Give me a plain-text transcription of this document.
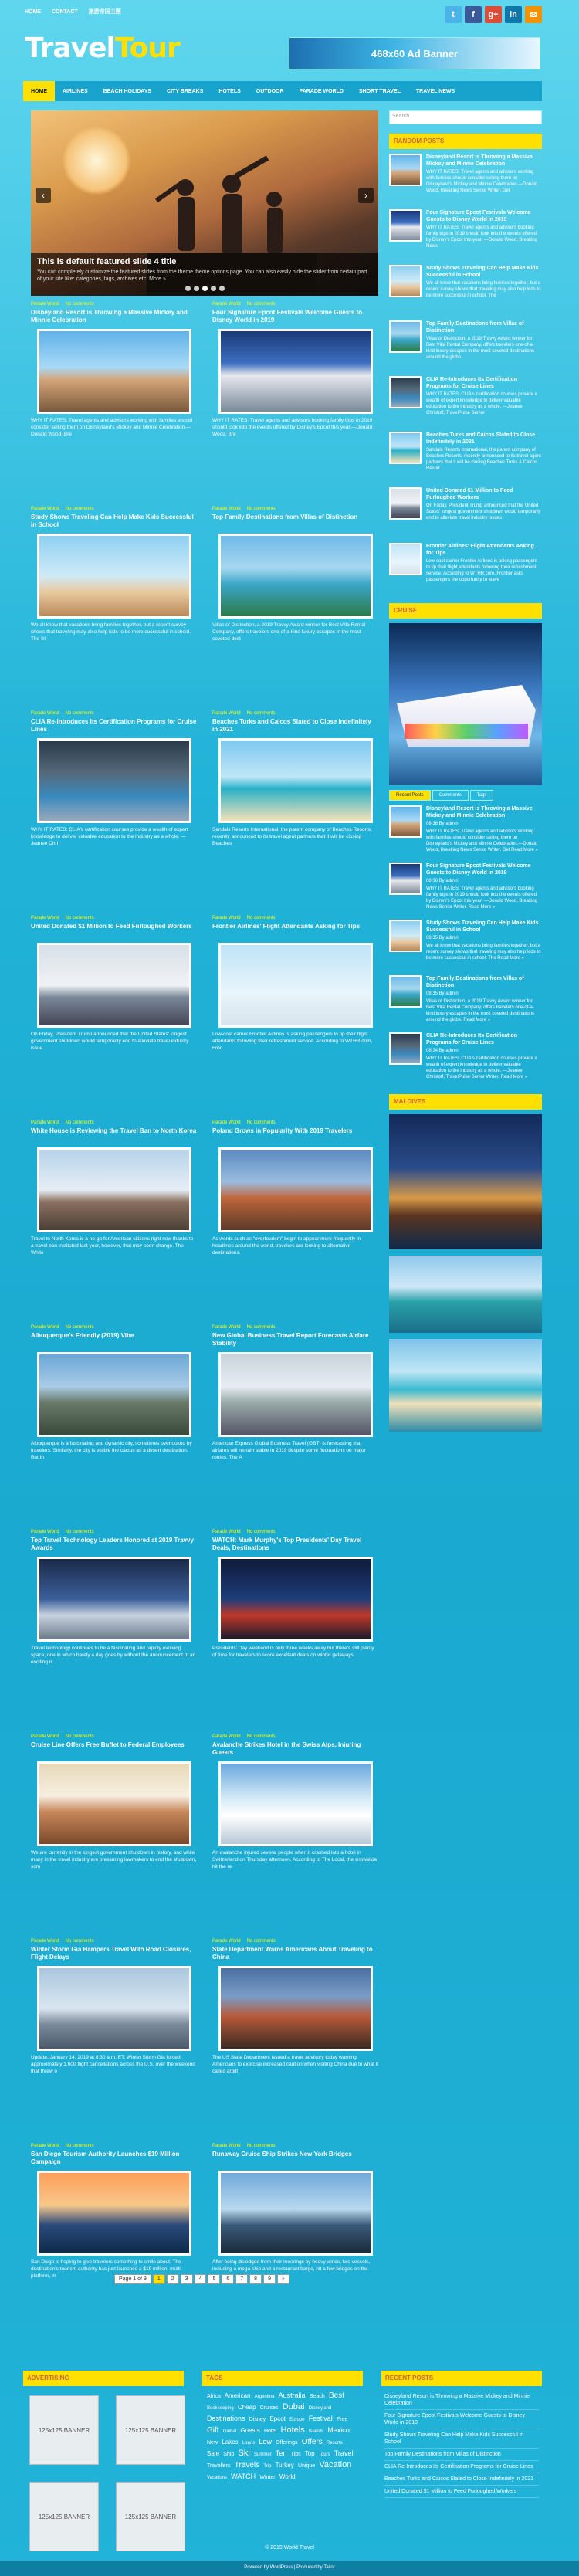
HOME CONTACT 旅游帝国主题	t	f	g+	in	✉
TravelTour	468x60 Ad Banner
HOME	AIRLINES	BEACH HOLIDAYS	CITY BREAKS	HOTELS	OUTDOOR	PARADE WORLD	SHORT TRAVEL	TRAVEL NEWS
‹	›
This is default featured slide 4 title

You can completely customize the featured slides from the theme theme options page. You can also easily hide the slider from certain part of your site like: categories, tags, archives etc. More »

Parade World No comments
Disneyland Resort is Throwing a Massive Mickey and Minnie Celebration

WHY IT RATES: Travel agents and advisors working with families should consider selling them on Disneyland's Mickey and Minnie Celebration.—Donald Wood, Bre

Parade World No comments
Four Signature Epcot Festivals Welcome Guests to Disney World in 2019

WHY IT RATES: Travel agents and advisors booking family trips in 2019 should look into the events offered by Disney's Epcot this year.—Donald Wood, Bre

Parade World No comments
Study Shows Traveling Can Help Make Kids Successful in School

We all know that vacations bring families together, but a recent survey shows that traveling may also help kids to be more successful in school. The St

Parade World No comments
Top Family Destinations from Villas of Distinction

Villas of Distinction, a 2019 Travvy Award winner for Best Villa Rental Company, offers travelers one-of-a-kind luxury escapes in the most coveted dest

Parade World No comments
CLIA Re-Introduces Its Certification Programs for Cruise Lines

WHY IT RATES: CLIA's certification courses provide a wealth of expert knowledge to deliver valuable education to the industry as a whole. —Jeanee Chri

Parade World No comments
Beaches Turks and Caicos Slated to Close Indefinitely in 2021

Sandals Resorts International, the parent company of Beaches Resorts, recently announced to its travel agent partners that it will be closing Beaches

Parade World No comments
United Donated $1 Million to Feed Furloughed Workers

On Friday, President Trump announced that the United States' longest government shutdown would temporarily end to alleviate travel industry issue

Parade World No comments
Frontier Airlines' Flight Attendants Asking for Tips

Low-cost carrier Frontier Airlines is asking passengers to tip their flight attendants following their refreshment service. According to WTHR.com, Fron

Parade World No comments
White House is Reviewing the Travel Ban to North Korea

Travel to North Korea is a no-go for American citizens right now thanks to a travel ban instituted last year, however, that may soon change. The White

Parade World No comments
Poland Grows in Popularity With 2019 Travelers

As words such as "overtourism" begin to appear more frequently in headlines around the world, travelers are looking to alternative destinations.

Parade World No comments
Albuquerque's Friendly (2019) Vibe

Albuquerque is a fascinating and dynamic city, sometimes overlooked by travelers. Similarly, the city is visible the cactus as a desert destination. But th

Parade World No comments
New Global Business Travel Report Forecasts Airfare Stability

American Express Global Business Travel (GBT) is forecasting that airfares will remain stable in 2019 despite some fluctuations on major routes. The A

Parade World No comments
Top Travel Technology Leaders Honored at 2019 Travvy Awards

Travel technology continues to be a fascinating and rapidly evolving space, one in which barely a day goes by without the announcement of an exciting n

Parade World No comments
WATCH: Mark Murphy's Top Presidents' Day Travel Deals, Destinations

Presidents' Day weekend is only three weeks away but there's still plenty of time for travelers to score excellent deals on winter getaways.

Parade World No comments
Cruise Line Offers Free Buffet to Federal Employees

We are currently in the longest government shutdown in history, and while many in the travel industry are pressuring lawmakers to end the shutdown, som

Parade World No comments
Avalanche Strikes Hotel in the Swiss Alps, Injuring Guests

An avalanche injured several people when it crashed into a hotel in Switzerland on Thursday afternoon. According to The Local, the snowslide hit the re

Parade World No comments
Winter Storm Gia Hampers Travel With Road Closures, Flight Delays

Update, January 14, 2019 at 8:30 a.m. ET: Winter Storm Gia forced approximately 1,600 flight cancellations across the U.S. over the weekend that threw o

Parade World No comments
State Department Warns Americans About Traveling to China

The US State Department issued a travel advisory today warning Americans to exercise increased caution when visiting China due to what it called arbitr

Parade World No comments
San Diego Tourism Authority Launches $19 Million Campaign

San Diego is hoping to give travelers something to smile about. The destination's tourism authority has just launched a $19 million, multi platform, m

Parade World No comments
Runaway Cruise Ship Strikes New York Bridges

After being dislodged from their moorings by heavy winds, two vessels, including a mega-ship and a restaurant barge, hit a few bridges on the

Search
RANDOM POSTS
Disneyland Resort is Throwing a Massive Mickey and Minnie Celebration

WHY IT RATES: Travel agents and advisors working with families should consider selling them on Disneyland's Mickey and Minnie Celebration.—Donald Wood, Breaking News Senior Writer. Get

Four Signature Epcot Festivals Welcome Guests to Disney World in 2019

WHY IT RATES: Travel agents and advisors booking family trips in 2019 should look into the events offered by Disney's Epcot this year. —Donald Wood, Breaking News

Study Shows Traveling Can Help Make Kids Successful in School

We all know that vacations bring families together, but a recent survey shows that traveling may also help kids to be more successful in school. The

Top Family Destinations from Villas of Distinction

Villas of Distinction, a 2019 Travvy Award winner for Best Villa Rental Company, offers travelers one-of-a-kind luxury escapes in the most coveted destinations around the globe.

CLIA Re-Introduces Its Certification Programs for Cruise Lines

WHY IT RATES: CLIA's certification courses provide a wealth of expert knowledge to deliver valuable education to the industry as a whole. —Jeanee Christoff, TravelPulse Senior

Beaches Turks and Caicos Slated to Close Indefinitely in 2021

Sandals Resorts International, the parent company of Beaches Resorts, recently announced to its travel agent partners that it will be closing Beaches Turks & Caicos Resort

United Donated $1 Million to Feed Furloughed Workers

On Friday, President Trump announced that the United States' longest government shutdown would temporarily end to alleviate travel industry issues

Frontier Airlines' Flight Attendants Asking for Tips

Low-cost carrier Frontier Airlines is asking passengers to tip their flight attendants following their refreshment service. According to WTHR.com, Frontier asks passengers the opportunity to leave

CRUISE
Recent Posts	Comments	Tags
Disneyland Resort is Throwing a Massive Mickey and Minnie Celebration

08:36 By admin

WHY IT RATES: Travel agents and advisors working with families should consider selling them on Disneyland's Mickey and Minnie Celebration.—Donald Wood, Breaking News Senior Writer. Get Read More »

Four Signature Epcot Festivals Welcome Guests to Disney World in 2019

08:36 By admin

WHY IT RATES: Travel agents and advisors booking family trips in 2019 should look into the events offered by Disney's Epcot this year. —Donald Wood, Breaking News Senior Writer. Read More »

Study Shows Traveling Can Help Make Kids Successful in School

08:35 By admin

We all know that vacations bring families together, but a recent survey shows that traveling may also help kids to be more successful in school. The Read More »

Top Family Destinations from Villas of Distinction

08:35 By admin

Villas of Distinction, a 2019 Travvy Award winner for Best Villa Rental Company, offers travelers one-of-a-kind luxury escapes in the most coveted destinations around the globe. Read More »

CLIA Re-Introduces Its Certification Programs for Cruise Lines

08:34 By admin

WHY IT RATES: CLIA's certification courses provide a wealth of expert knowledge to deliver valuable education to the industry as a whole. —Jeanee Christoff, TravelPulse Senior Writer. Read More »

MALDIVES
Page 1 of 9	1	2	3	4	5	6	7	8	9	»
ADVERTISING
125x125 BANNER	125x125 BANNER
125x125 BANNER	125x125 BANNER
TAGS
Africa American Argentina Australia Beach Best Bookkeeping Cheap Cruises Dubai Disneyland Destinations Disney Epcot Europe Festival Free Gift Global Guests Hotel Hotels Islands Mexico New Lakes Loans Low Offerings Offers Resorts Sale Ship Ski Summer Ten Tips Top Tours Travel Travellers Travels Trip Turkey Unique Vacation Vacations WATCH Winter World
RECENT POSTS
Disneyland Resort is Throwing a Massive Mickey and Minnie Celebration
Four Signature Epcot Festivals Welcome Guests to Disney World in 2019
Study Shows Traveling Can Help Make Kids Successful in School
Top Family Destinations from Villas of Distinction
CLIA Re-Introduces Its Certification Programs for Cruise Lines
Beaches Turks and Caicos Slated to Close Indefinitely in 2021
United Donated $1 Million to Feed Furloughed Workers
© 2019 World Travel
Powered by WordPress | Produced by Tailor
